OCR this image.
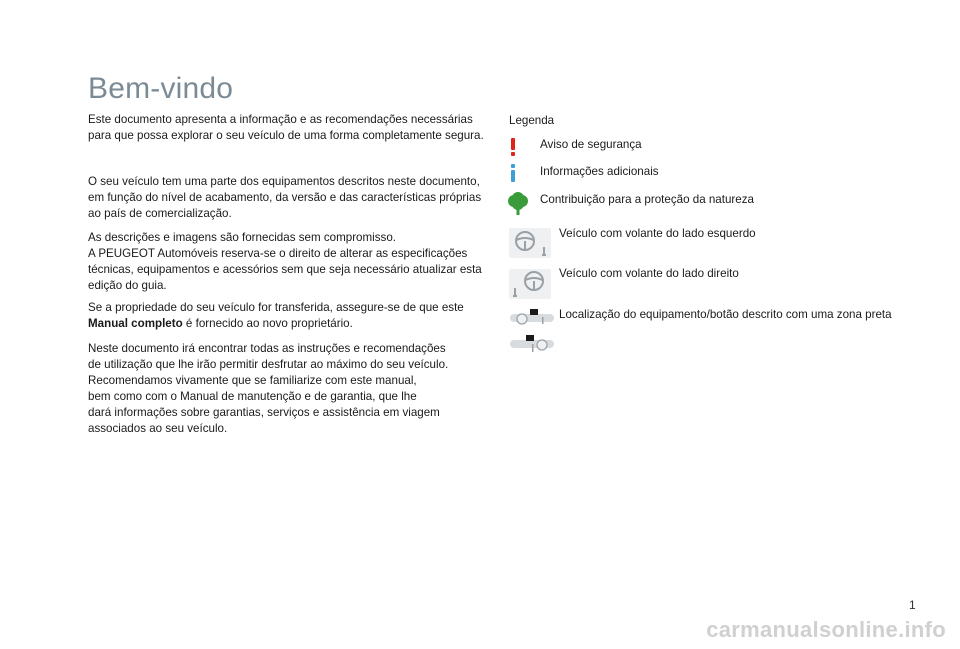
Bem-vindo

Este documento apresenta a informação e as recomendações necessárias para que possa explorar o seu veículo de uma forma completamente segura.

O seu veículo tem uma parte dos equipamentos descritos neste documento, em função do nível de acabamento, da versão e das características próprias ao país de comercialização.

As descrições e imagens são fornecidas sem compromisso.
A PEUGEOT Automóveis reserva-se o direito de alterar as especificações técnicas, equipamentos e acessórios sem que seja necessário atualizar esta edição do guia.

Se a propriedade do seu veículo for transferida, assegure-se de que este Manual completo é fornecido ao novo proprietário.

Neste documento irá encontrar todas as instruções e recomendações
de utilização que lhe irão permitir desfrutar ao máximo do seu veículo.
Recomendamos vivamente que se familiarize com este manual,
bem como com o Manual de manutenção e de garantia, que lhe
dará informações sobre garantias, serviços e assistência em viagem
associados ao seu veículo.
Legenda
Aviso de segurança
Informações adicionais
Contribuição para a proteção da natureza
Veículo com volante do lado esquerdo
Veículo com volante do lado direito
Localização do equipamento/botão descrito com uma zona preta
1
carmanualsonline.info
